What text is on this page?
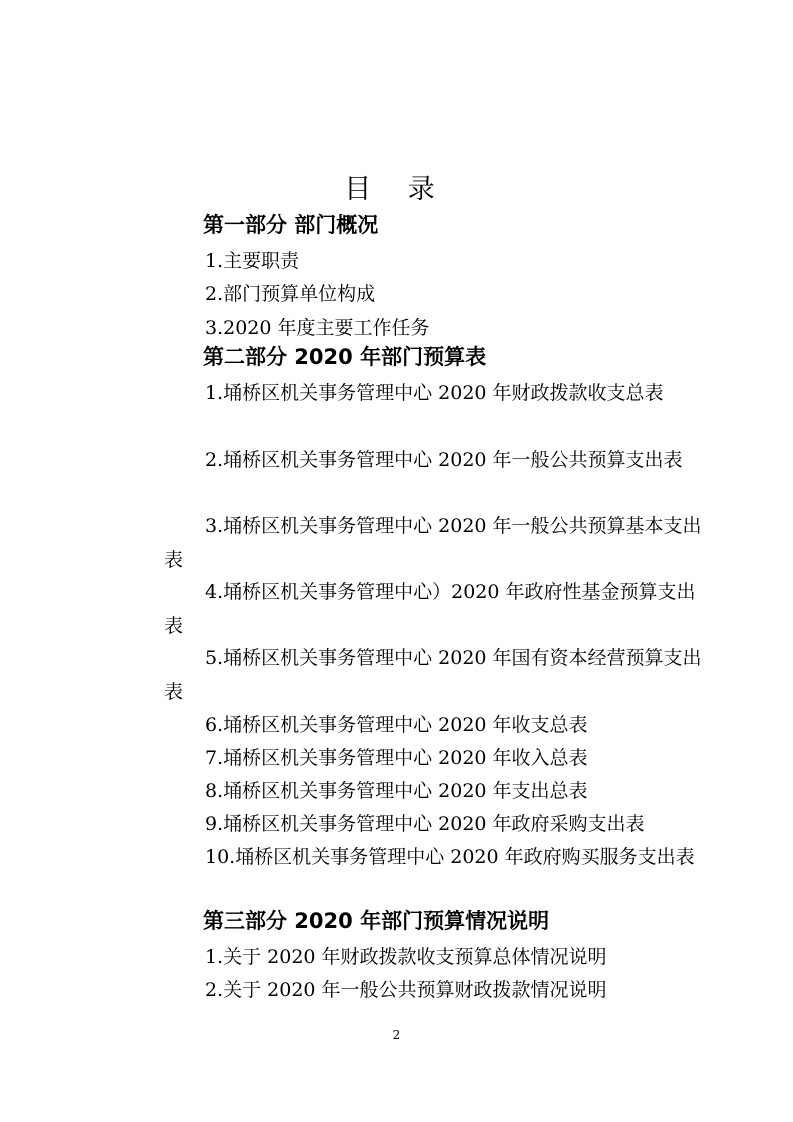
目 录
第一部分 部门概况
1.主要职责
2.部门预算单位构成
3.2020 年度主要工作任务
第二部分 2020 年部门预算表
1.埇桥区机关事务管理中心 2020 年财政拨款收支总表
2.埇桥区机关事务管理中心 2020 年一般公共预算支出表
3.埇桥区机关事务管理中心 2020 年一般公共预算基本支出表
4.埇桥区机关事务管理中心）2020 年政府性基金预算支出表
5.埇桥区机关事务管理中心 2020 年国有资本经营预算支出表
6.埇桥区机关事务管理中心 2020 年收支总表
7.埇桥区机关事务管理中心 2020 年收入总表
8.埇桥区机关事务管理中心 2020 年支出总表
9.埇桥区机关事务管理中心 2020 年政府采购支出表
10.埇桥区机关事务管理中心 2020 年政府购买服务支出表
第三部分 2020 年部门预算情况说明
1.关于 2020 年财政拨款收支预算总体情况说明
2.关于 2020 年一般公共预算财政拨款情况说明
2
